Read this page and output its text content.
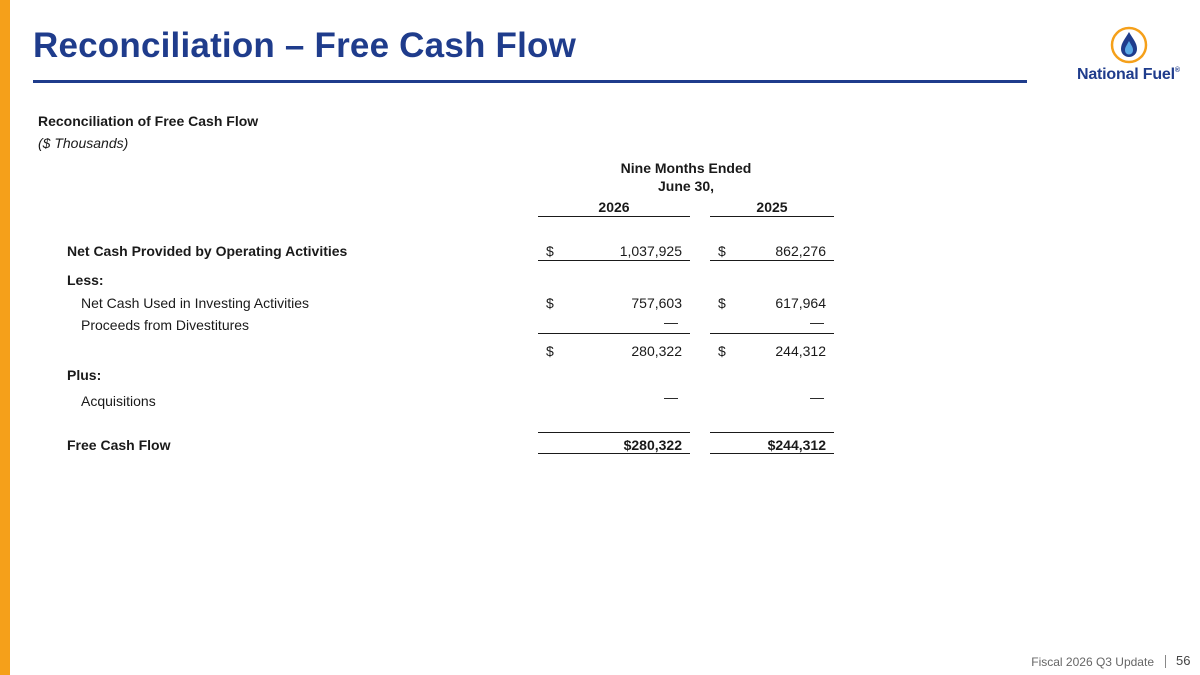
Reconciliation – Free Cash Flow
National Fuel®
Reconciliation of Free Cash Flow
($ Thousands)
Nine Months Ended
June 30,
2026	2025
Net Cash Provided by Operating Activities	$	1,037,925	$	862,276
Less:
Net Cash Used in Investing Activities	$	757,603	$	617,964
Proceeds from Divestitures	—	—
$	280,322	$	244,312
Plus:
Acquisitions	—	—
Free Cash Flow	$280,322	$244,312
Fiscal 2026 Q3 Update 56
